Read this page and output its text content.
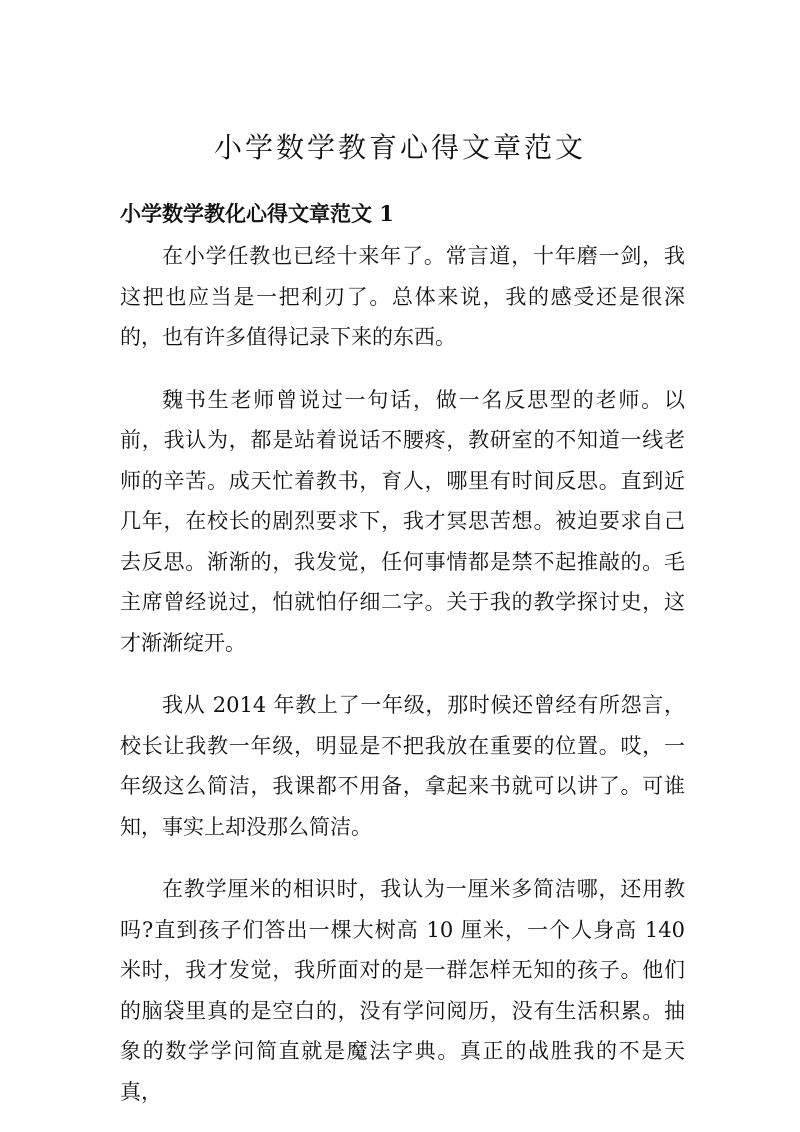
小学数学教育心得文章范文
小学数学教化心得文章范文 1

在小学任教也已经十来年了。常言道，十年磨一剑，我这把也应当是一把利刃了。总体来说，我的感受还是很深的，也有许多值得记录下来的东西。

魏书生老师曾说过一句话，做一名反思型的老师。以前，我认为，都是站着说话不腰疼，教研室的不知道一线老师的辛苦。成天忙着教书，育人，哪里有时间反思。直到近几年，在校长的剧烈要求下，我才冥思苦想。被迫要求自己去反思。渐渐的，我发觉，任何事情都是禁不起推敲的。毛主席曾经说过，怕就怕仔细二字。关于我的教学探讨史，这才渐渐绽开。

我从 2014 年教上了一年级，那时候还曾经有所怨言，校长让我教一年级，明显是不把我放在重要的位置。哎，一年级这么简洁，我课都不用备，拿起来书就可以讲了。可谁知，事实上却没那么简洁。

在教学厘米的相识时，我认为一厘米多简洁哪，还用教吗?直到孩子们答出一棵大树高 10 厘米，一个人身高 140 米时，我才发觉，我所面对的是一群怎样无知的孩子。他们的脑袋里真的是空白的，没有学问阅历，没有生活积累。抽象的数学学问简直就是魔法字典。真正的战胜我的不是天真，
